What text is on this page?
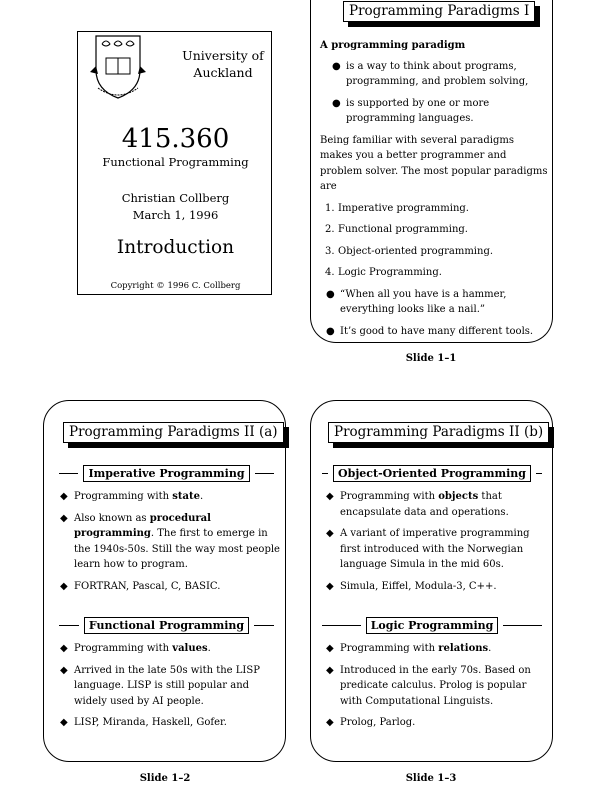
University of
Auckland
415.360
Functional Programming
Christian Collberg
March 1, 1996
Introduction
Copyright © 1996 C. Collberg
Programming Paradigms I

A programming paradigm

● is a way to think about programs, programming, and problem solving,
● is supported by one or more programming languages.

Being familiar with several paradigms makes you a better programmer and problem solver. The most popular paradigms are

1. Imperative programming.
2. Functional programming.
3. Object-oriented programming.
4. Logic Programming.
● “When all you have is a hammer, everything looks like a nail.”
● It’s good to have many different tools.
Slide 1–1
Programming Paradigms II (a)
Imperative Programming
◆ Programming with state.
◆ Also known as procedural programming. The first to emerge in the 1940s-50s. Still the way most people learn how to program.
◆ FORTRAN, Pascal, C, BASIC.
Functional Programming
◆ Programming with values.
◆ Arrived in the late 50s with the LISP language. LISP is still popular and widely used by AI people.
◆ LISP, Miranda, Haskell, Gofer.
Slide 1–2
Programming Paradigms II (b)
Object-Oriented Programming
◆ Programming with objects that encapsulate data and operations.
◆ A variant of imperative programming first introduced with the Norwegian language Simula in the mid 60s.
◆ Simula, Eiffel, Modula-3, C++.
Logic Programming
◆ Programming with relations.
◆ Introduced in the early 70s. Based on predicate calculus. Prolog is popular with Computational Linguists.
◆ Prolog, Parlog.
Slide 1–3
